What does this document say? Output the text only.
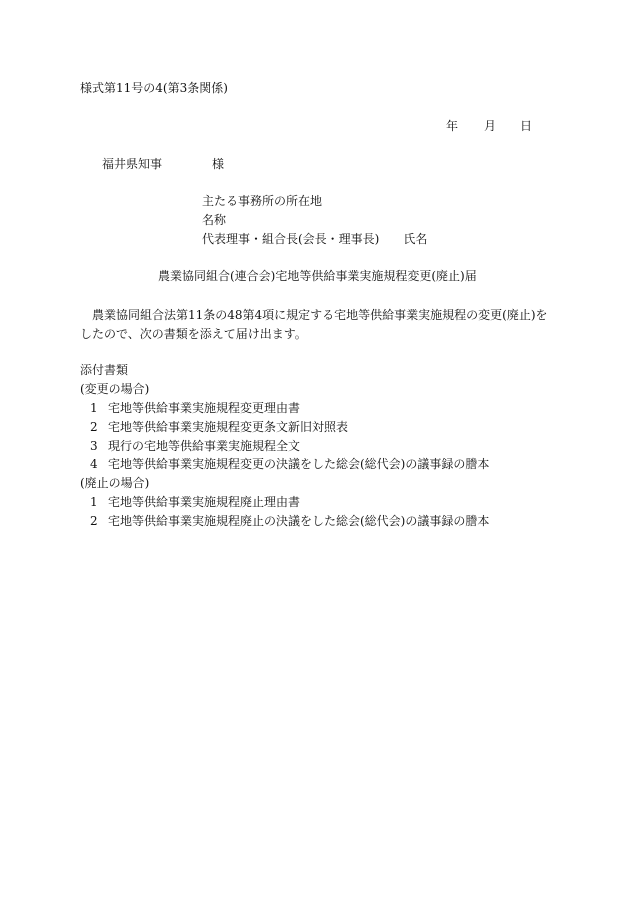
様式第11号の4(第3条関係)
年 月 日
福井県知事	様
主たる事務所の所在地
名称
代表理事・組合長(会長・理事長) 氏名
農業協同組合(連合会)宅地等供給事業実施規程変更(廃止)届
農業協同組合法第11条の48第4項に規定する宅地等供給事業実施規程の変更(廃止)をしたので、次の書類を添えて届け出ます。
添付書類
(変更の場合)
1 宅地等供給事業実施規程変更理由書
2 宅地等供給事業実施規程変更条文新旧対照表
3 現行の宅地等供給事業実施規程全文
4 宅地等供給事業実施規程変更の決議をした総会(総代会)の議事録の謄本
(廃止の場合)
1 宅地等供給事業実施規程廃止理由書
2 宅地等供給事業実施規程廃止の決議をした総会(総代会)の議事録の謄本
